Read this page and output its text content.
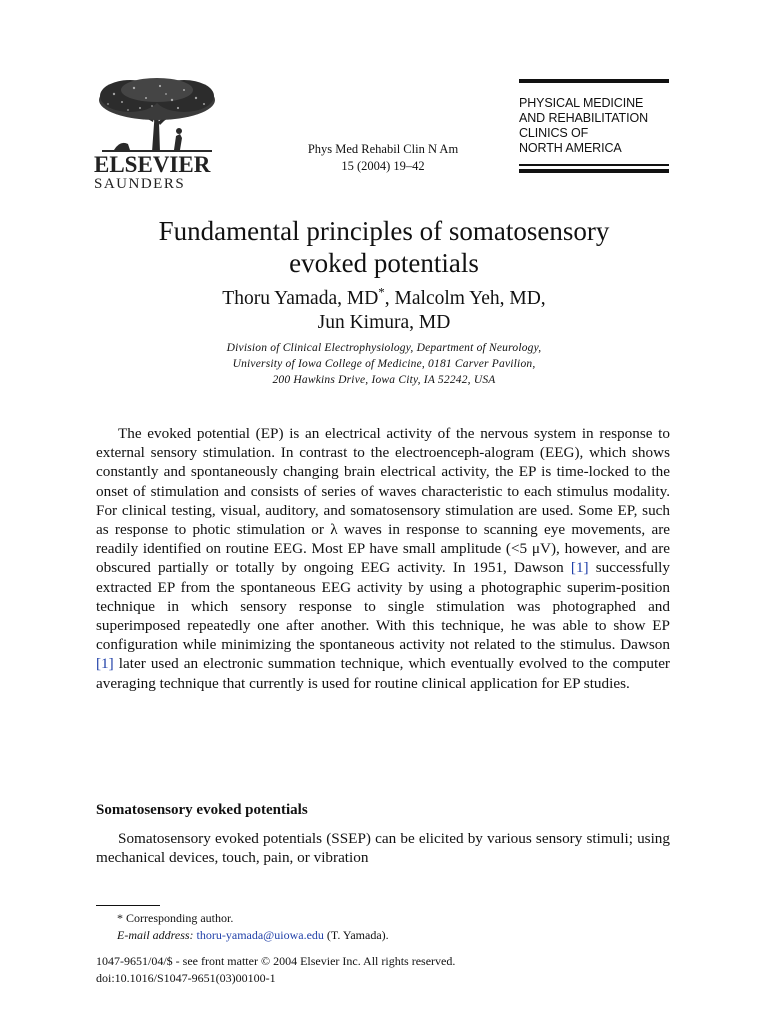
ELSEVIER
SAUNDERS
Phys Med Rehabil Clin N Am
15 (2004) 19–42
PHYSICAL MEDICINE
AND REHABILITATION
CLINICS OF
NORTH AMERICA
Fundamental principles of somatosensory
evoked potentials
Thoru Yamada, MD*, Malcolm Yeh, MD,
Jun Kimura, MD
Division of Clinical Electrophysiology, Department of Neurology,
University of Iowa College of Medicine, 0181 Carver Pavilion,
200 Hawkins Drive, Iowa City, IA 52242, USA

The evoked potential (EP) is an electrical activity of the nervous system in response to external sensory stimulation. In contrast to the electroenceph-alogram (EEG), which shows constantly and spontaneously changing brain electrical activity, the EP is time-locked to the onset of stimulation and consists of series of waves characteristic to each stimulus modality. For clinical testing, visual, auditory, and somatosensory stimulation are used. Some EP, such as response to photic stimulation or λ waves in response to scanning eye movements, are readily identified on routine EEG. Most EP have small amplitude (<5 μV), however, and are obscured partially or totally by ongoing EEG activity. In 1951, Dawson [1] successfully extracted EP from the spontaneous EEG activity by using a photographic superim-position technique in which sensory response to single stimulation was photographed and superimposed repeatedly one after another. With this technique, he was able to show EP configuration while minimizing the spontaneous activity not related to the stimulus. Dawson [1] later used an electronic summation technique, which eventually evolved to the computer averaging technique that currently is used for routine clinical application for EP studies.

Somatosensory evoked potentials

Somatosensory evoked potentials (SSEP) can be elicited by various sensory stimuli; using mechanical devices, touch, pain, or vibration

* Corresponding author.
E-mail address: thoru-yamada@uiowa.edu (T. Yamada).
1047-9651/04/$ - see front matter © 2004 Elsevier Inc. All rights reserved.
doi:10.1016/S1047-9651(03)00100-1
